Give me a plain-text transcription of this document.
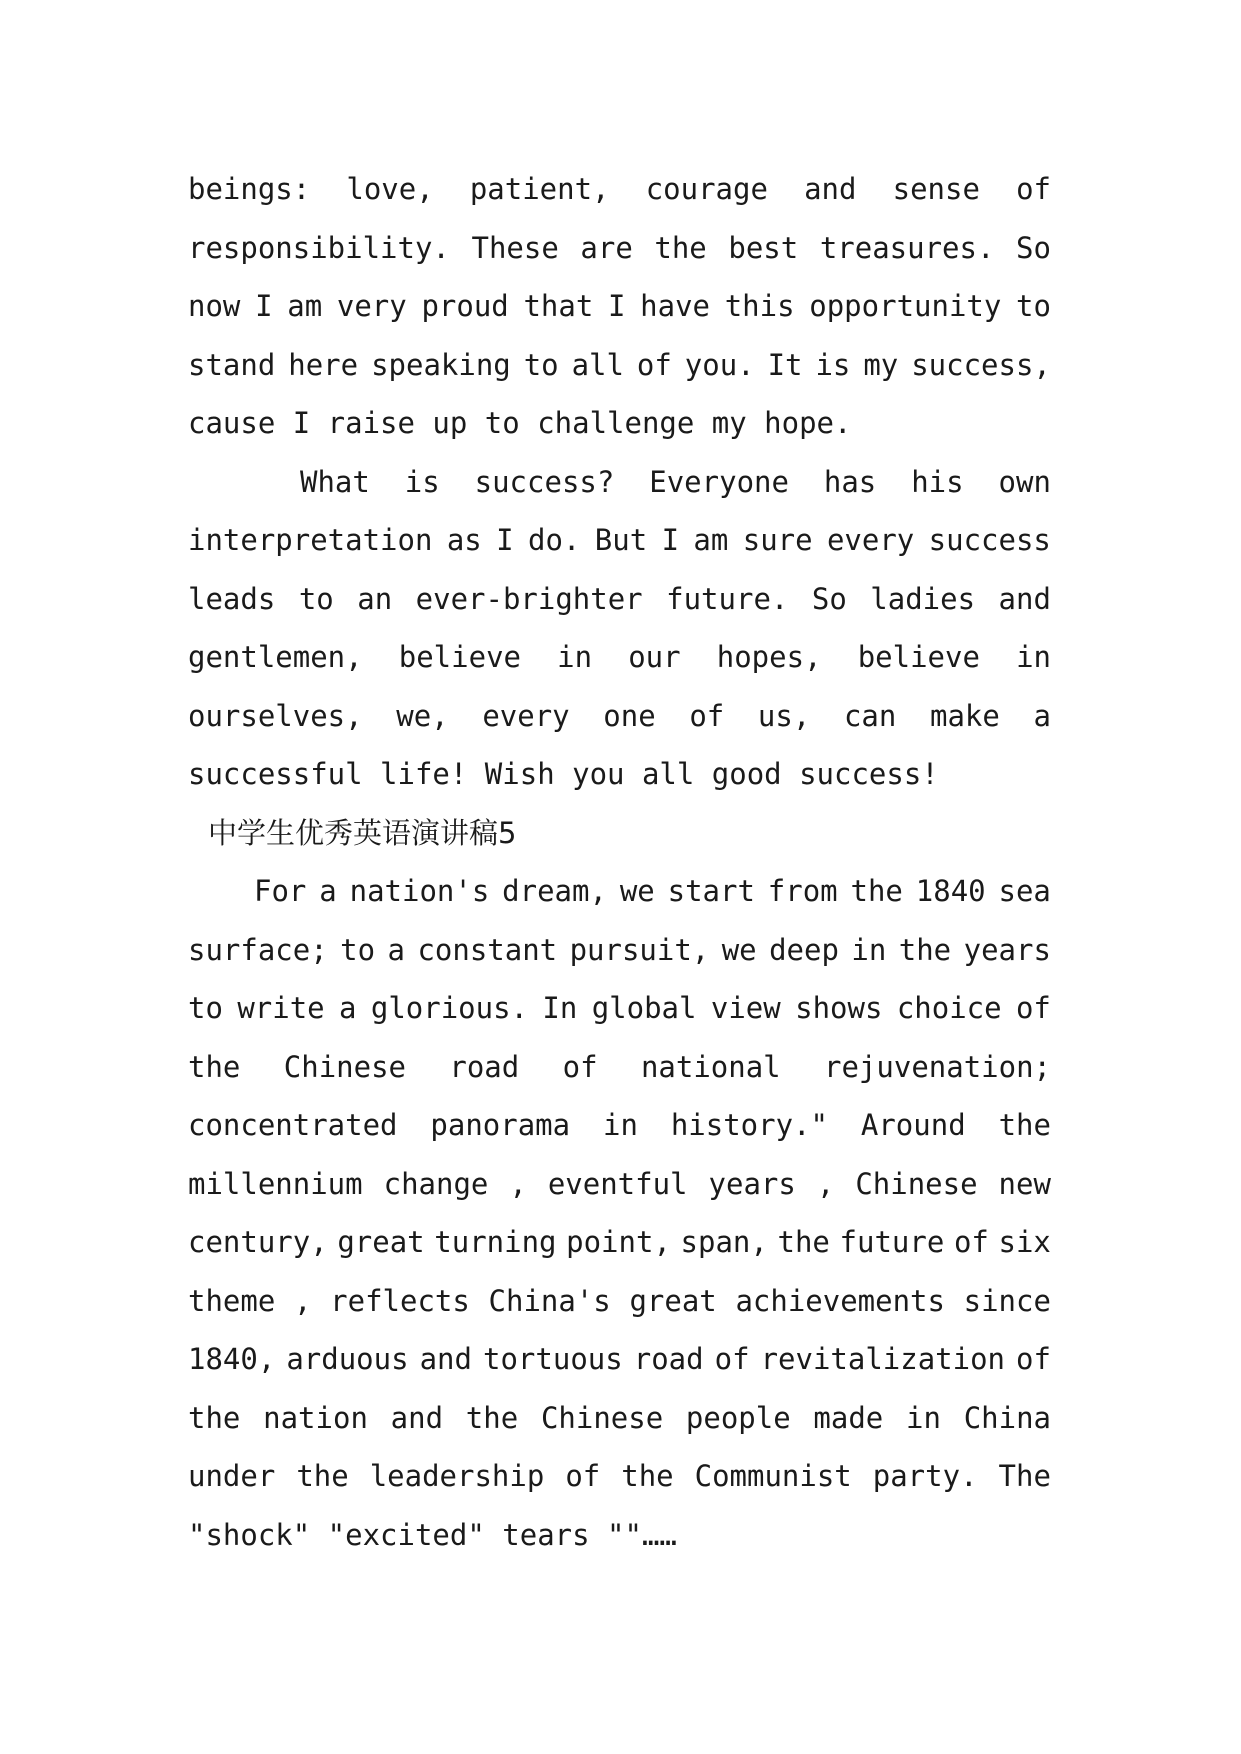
beings: love, patient, courage and sense of
responsibility. These are the best treasures. So
now I am very proud that I have this opportunity to
stand here speaking to all of you. It is my success,
cause I raise up to challenge my hope.
What is success? Everyone has his own
interpretation as I do. But I am sure every success
leads to an ever-brighter future. So ladies and
gentlemen, believe in our hopes, believe in
ourselves, we, every one of us, can make a
successful life! Wish you all good success!
中学生优秀英语演讲稿5
For a nation's dream, we start from the 1840 sea
surface; to a constant pursuit, we deep in the years
to write a glorious. In global view shows choice of
the Chinese road of national rejuvenation;
concentrated panorama in history." Around the
millennium change , eventful years , Chinese new
century, great turning point, span, the future of six
theme , reflects China's great achievements since
1840, arduous and tortuous road of revitalization of
the nation and the Chinese people made in China
under the leadership of the Communist party. The
"shock" "excited" tears ""……
